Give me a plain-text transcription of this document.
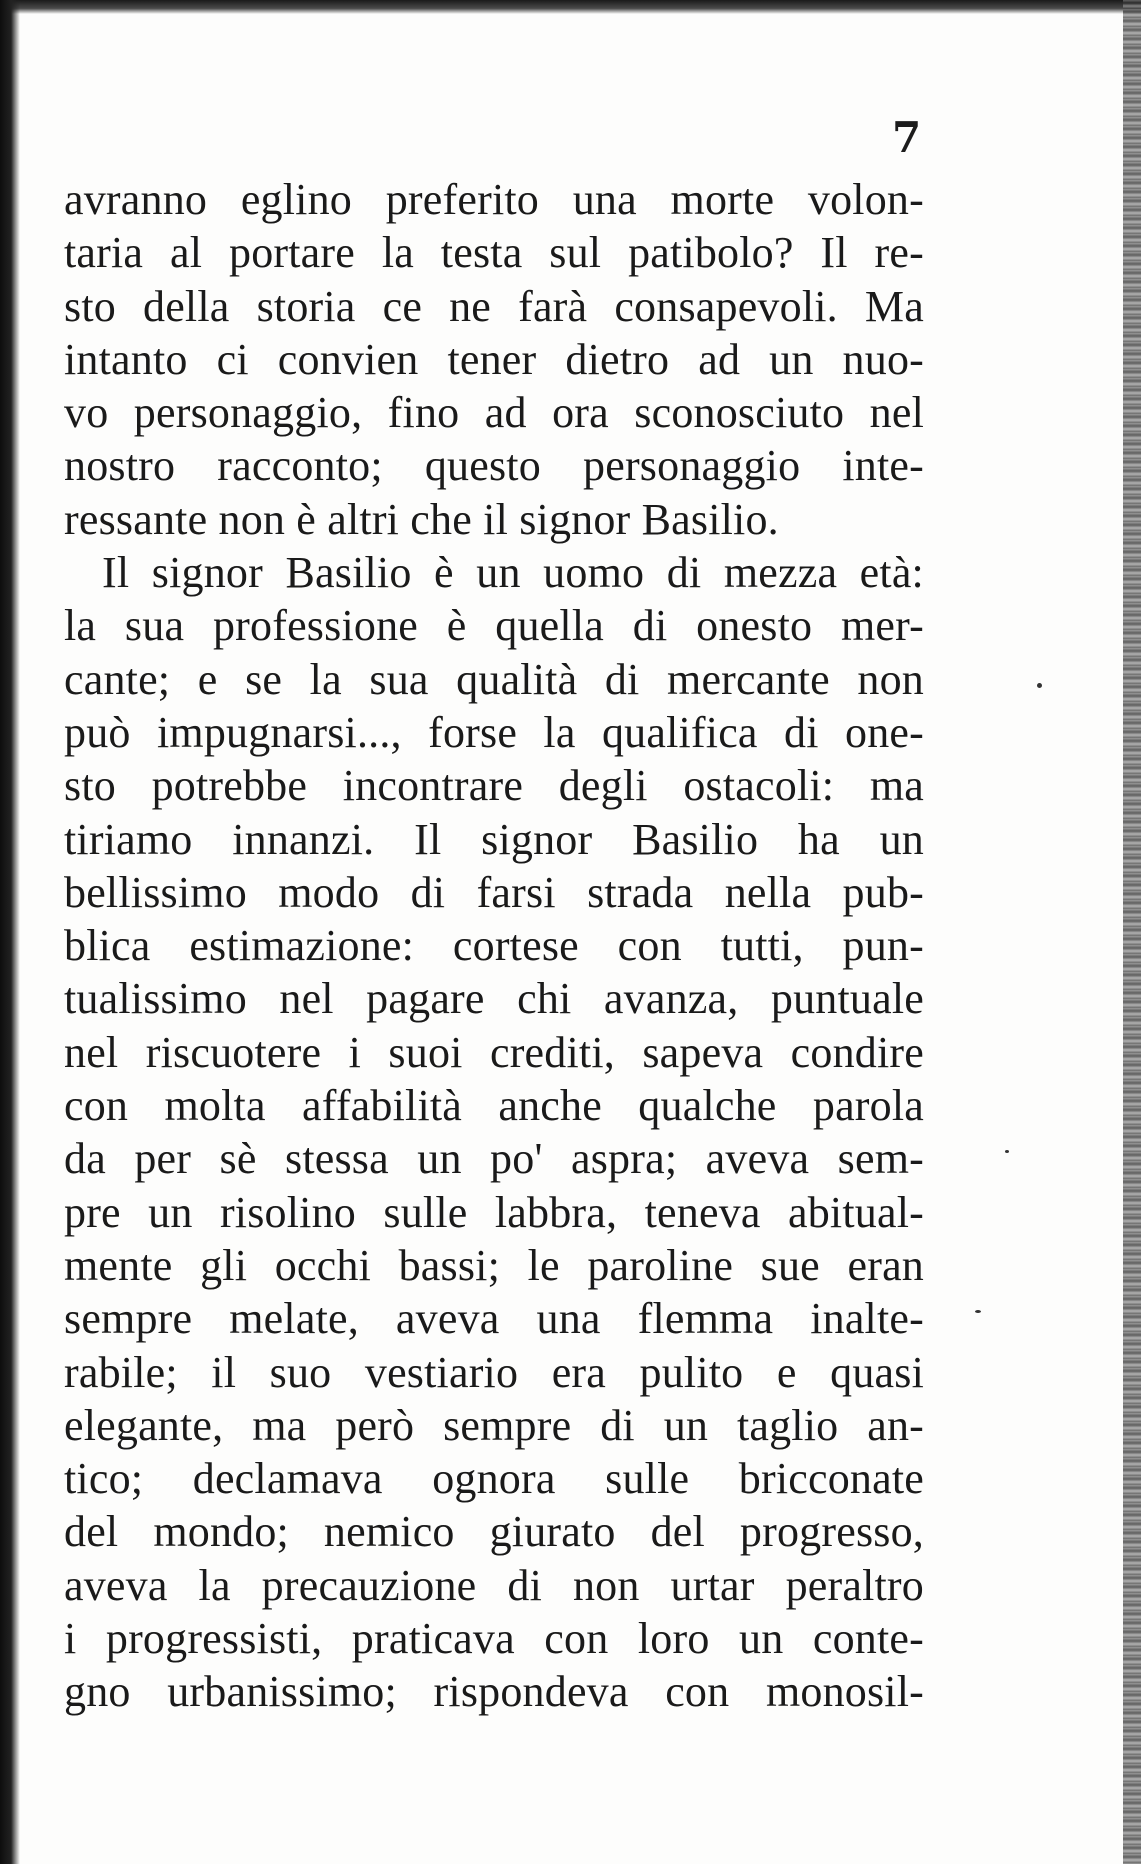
7
avranno eglino preferito una morte volon-
taria al portare la testa sul patibolo? Il re-
sto della storia ce ne farà consapevoli. Ma
intanto ci convien tener dietro ad un nuo-
vo personaggio, fino ad ora sconosciuto nel
nostro racconto; questo personaggio inte-
ressante non è altri che il signor Basilio.
Il signor Basilio è un uomo di mezza età:
la sua professione è quella di onesto mer-
cante; e se la sua qualità di mercante non
può impugnarsi..., forse la qualifica di one-
sto potrebbe incontrare degli ostacoli: ma
tiriamo innanzi. Il signor Basilio ha un
bellissimo modo di farsi strada nella pub-
blica estimazione: cortese con tutti, pun-
tualissimo nel pagare chi avanza, puntuale
nel riscuotere i suoi crediti, sapeva condire
con molta affabilità anche qualche parola
da per sè stessa un po' aspra; aveva sem-
pre un risolino sulle labbra, teneva abitual-
mente gli occhi bassi; le paroline sue eran
sempre melate, aveva una flemma inalte-
rabile; il suo vestiario era pulito e quasi
elegante, ma però sempre di un taglio an-
tico; declamava ognora sulle bricconate
del mondo; nemico giurato del progresso,
aveva la precauzione di non urtar peraltro
i progressisti, praticava con loro un conte-
gno urbanissimo; rispondeva con monosil-
